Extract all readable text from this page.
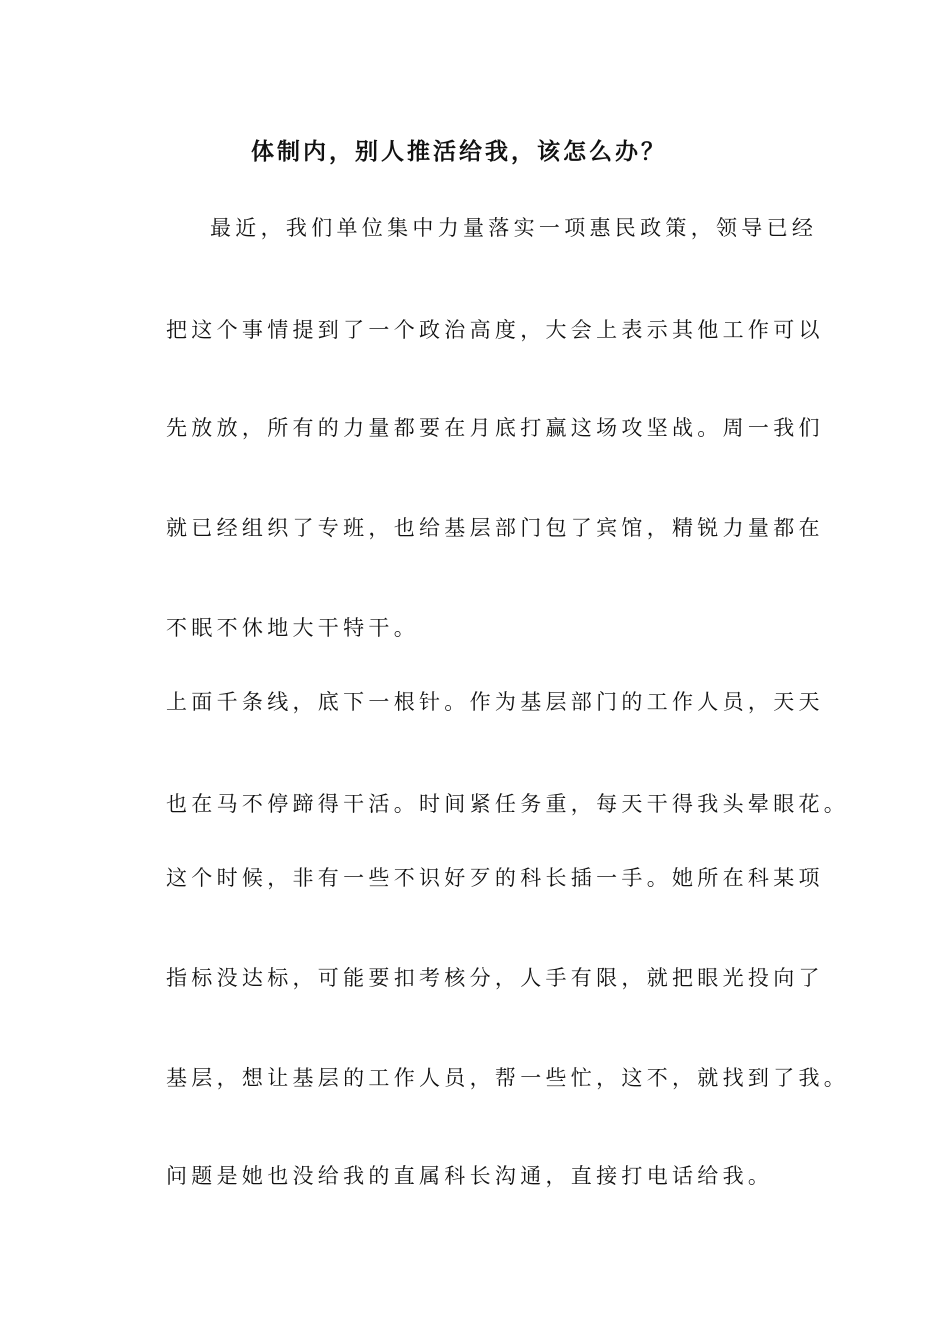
体制内，别人推活给我，该怎么办？
最近，我们单位集中力量落实一项惠民政策，领导已经
把这个事情提到了一个政治高度，大会上表示其他工作可以
先放放，所有的力量都要在月底打赢这场攻坚战。周一我们
就已经组织了专班，也给基层部门包了宾馆，精锐力量都在
不眠不休地大干特干。
上面千条线，底下一根针。作为基层部门的工作人员，天天
也在马不停蹄得干活。时间紧任务重，每天干得我头晕眼花。
这个时候，非有一些不识好歹的科长插一手。她所在科某项
指标没达标，可能要扣考核分，人手有限，就把眼光投向了
基层，想让基层的工作人员，帮一些忙，这不，就找到了我。
问题是她也没给我的直属科长沟通，直接打电话给我。
